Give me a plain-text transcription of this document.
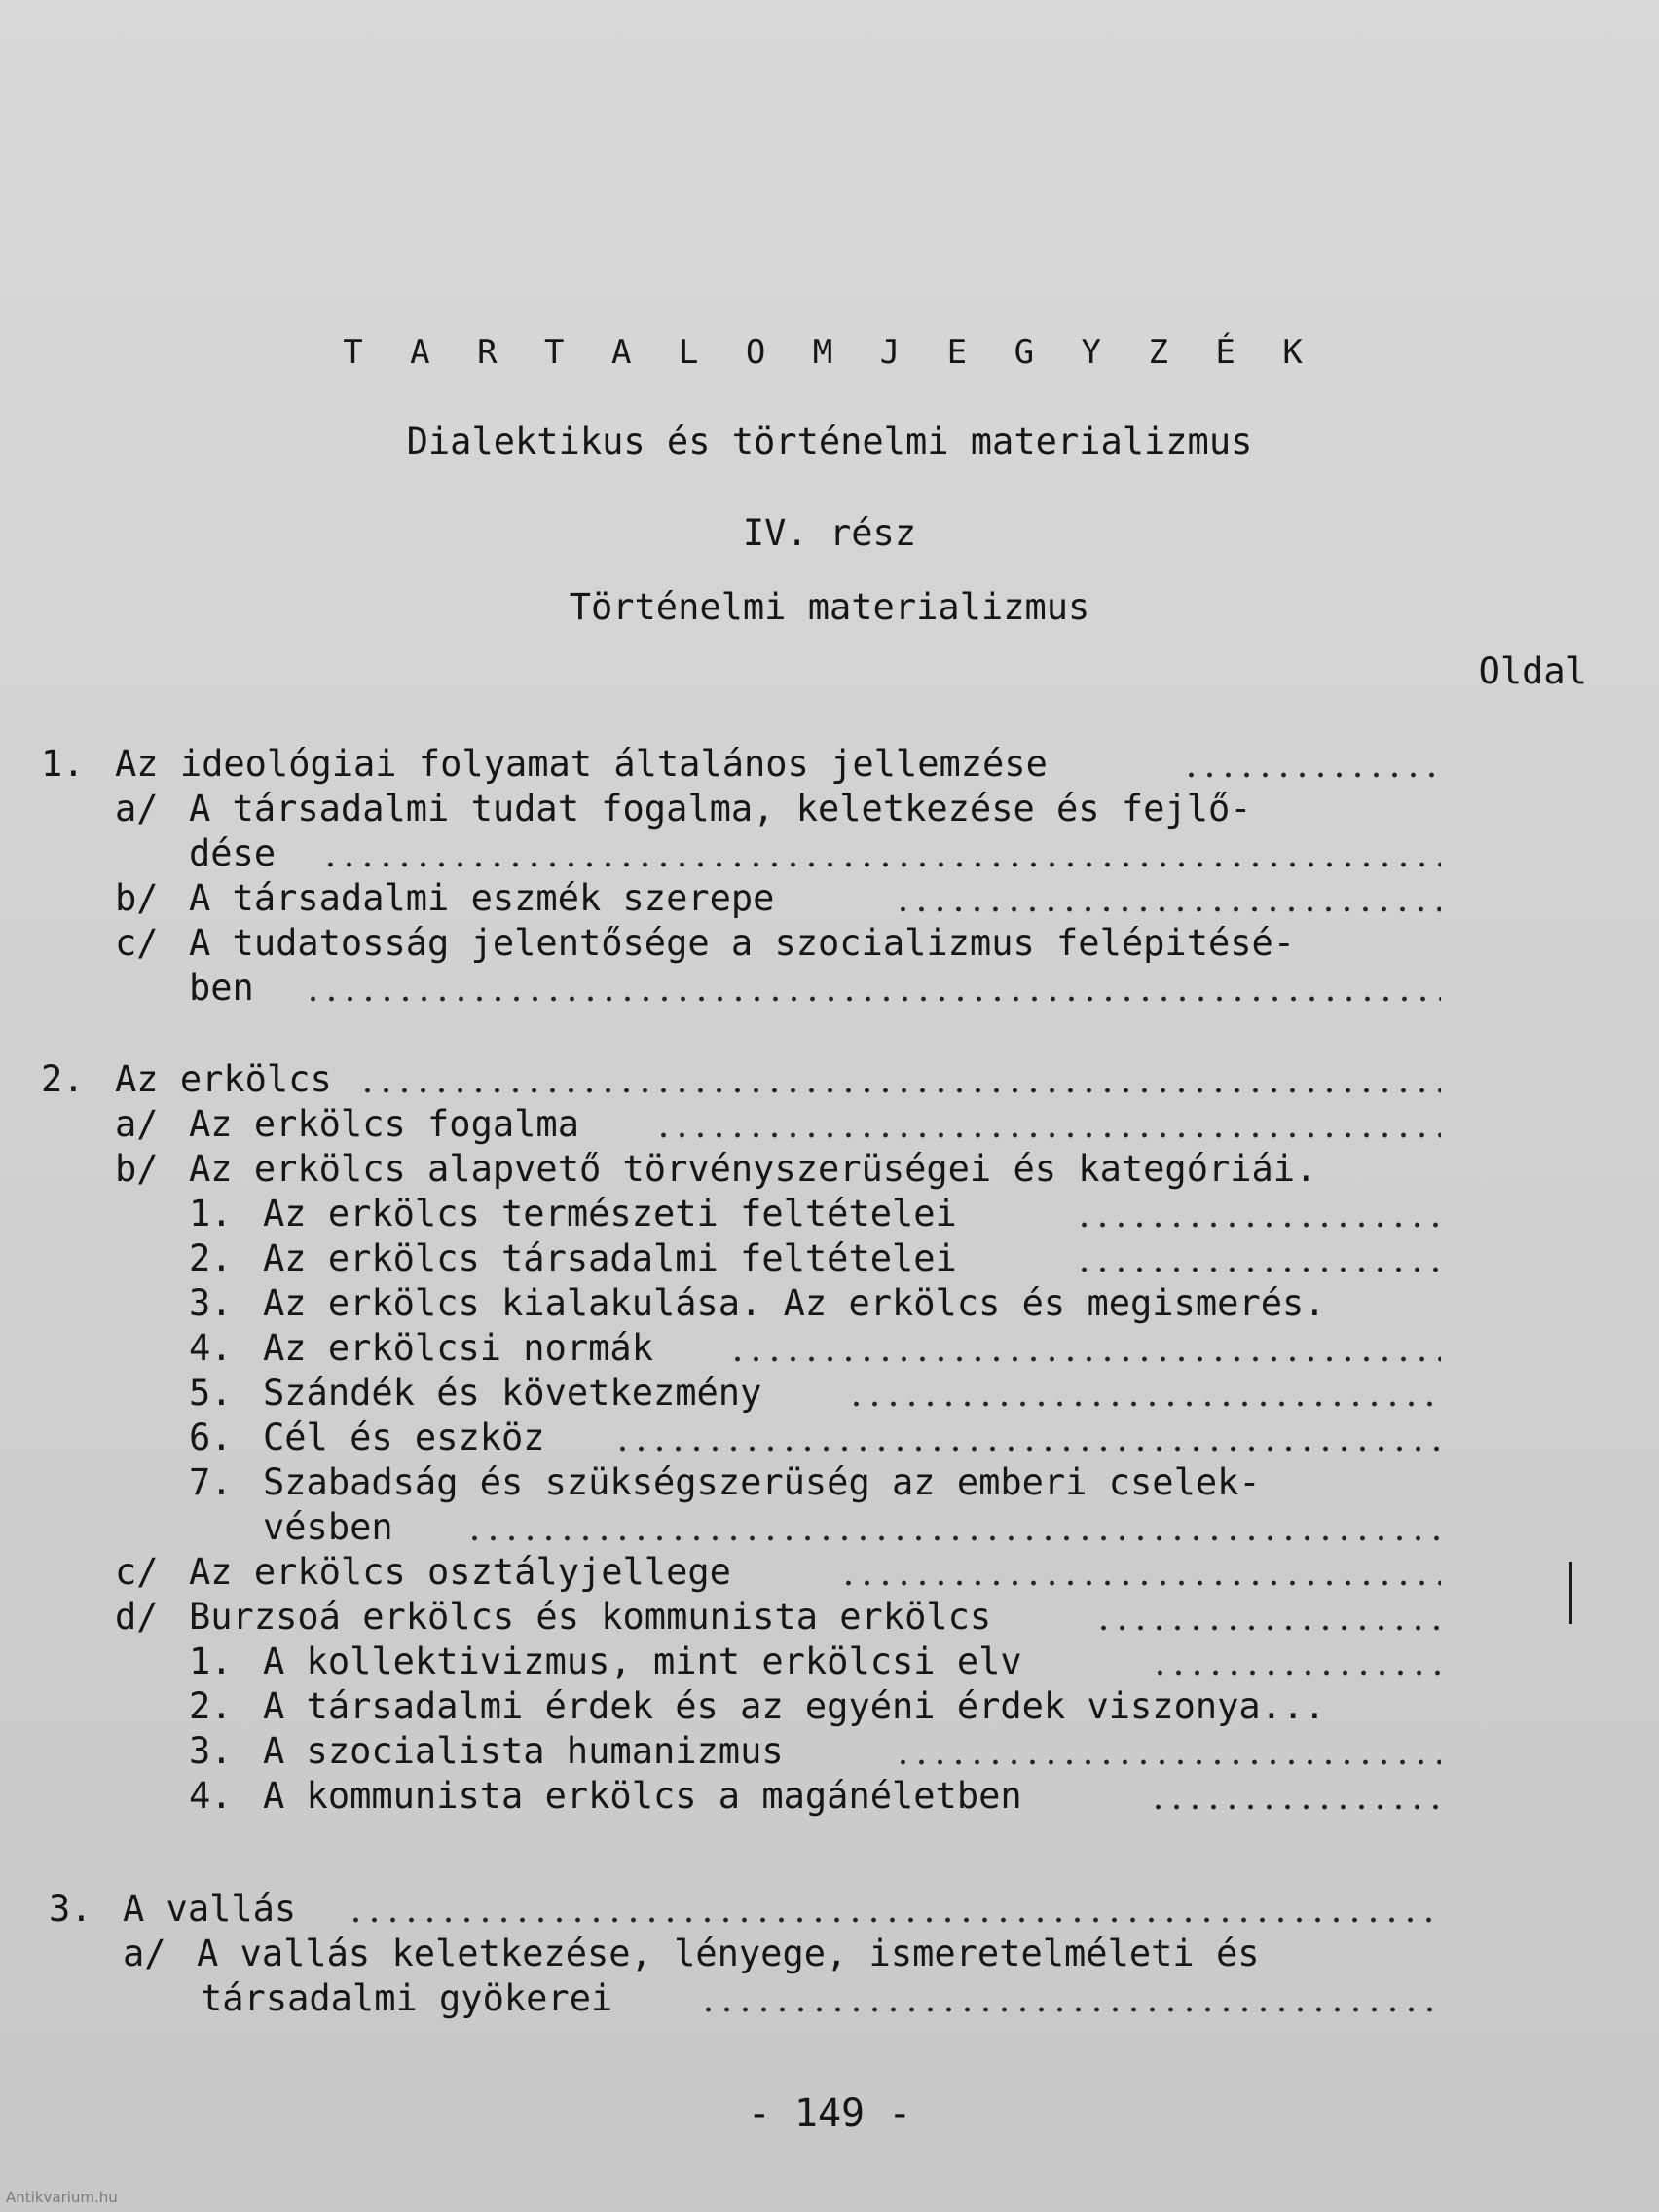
T A R T A L O M J E G Y Z É K
Dialektikus és történelmi materializmus
IV. rész
Történelmi materializmus
Oldal
1. Az ideológiai folyamat általános jellemzése
a/ A társadalmi tudat fogalma, keletkezése és fejlő-
dése
b/ A társadalmi eszmék szerepe
c/ A tudatosság jelentősége a szocializmus felépitésé-
ben
2. Az erkölcs
a/ Az erkölcs fogalma
b/ Az erkölcs alapvető törvényszerüségei és kategóriái.
1. Az erkölcs természeti feltételei
2. Az erkölcs társadalmi feltételei
3. Az erkölcs kialakulása. Az erkölcs és megismerés.
4. Az erkölcsi normák
5. Szándék és következmény
6. Cél és eszköz
7. Szabadság és szükségszerüség az emberi cselek-
vésben
c/ Az erkölcs osztályjellege
d/ Burzsoá erkölcs és kommunista erkölcs
1. A kollektivizmus, mint erkölcsi elv
2. A társadalmi érdek és az egyéni érdek viszonya...
3. A szocialista humanizmus
4. A kommunista erkölcs a magánéletben
3. A vallás
a/ A vallás keletkezése, lényege, ismeretelméleti és
társadalmi gyökerei
- 149 -
Antikvarium.hu
